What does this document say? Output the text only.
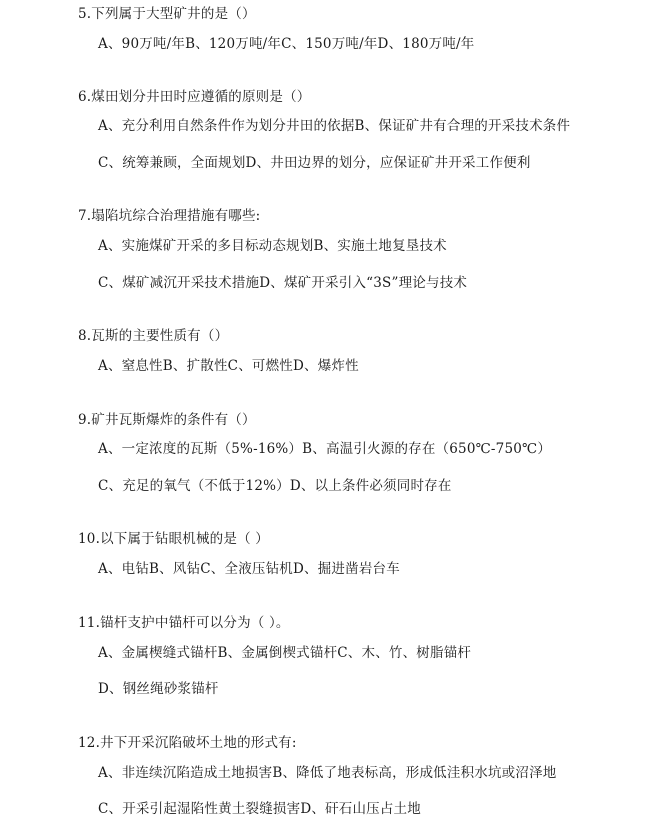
5.下列属于大型矿井的是（）
A、90万吨/年B、120万吨/年C、150万吨/年D、180万吨/年
6.煤田划分井田时应遵循的原则是（）
A、充分利用自然条件作为划分井田的依据B、保证矿井有合理的开采技术条件
C、统筹兼顾，全面规划D、井田边界的划分，应保证矿井开采工作便利
7.塌陷坑综合治理措施有哪些:
A、实施煤矿开采的多目标动态规划B、实施土地复垦技术
C、煤矿减沉开采技术措施D、煤矿开采引入“3S”理论与技术
8.瓦斯的主要性质有（）
A、窒息性B、扩散性C、可燃性D、爆炸性
9.矿井瓦斯爆炸的条件有（）
A、一定浓度的瓦斯（5%-16%）B、高温引火源的存在（650℃-750℃）
C、充足的氧气（不低于12%）D、以上条件必须同时存在
10.以下属于钻眼机械的是（ ）
A、电钻B、风钻C、全液压钻机D、掘进凿岩台车
11.锚杆支护中锚杆可以分为（ ）。
A、金属楔缝式锚杆B、金属倒楔式锚杆C、木、竹、树脂锚杆
D、钢丝绳砂浆锚杆
12.井下开采沉陷破坏土地的形式有:
A、非连续沉陷造成土地损害B、降低了地表标高，形成低洼积水坑或沼泽地
C、开采引起湿陷性黄土裂缝损害D、矸石山压占土地
